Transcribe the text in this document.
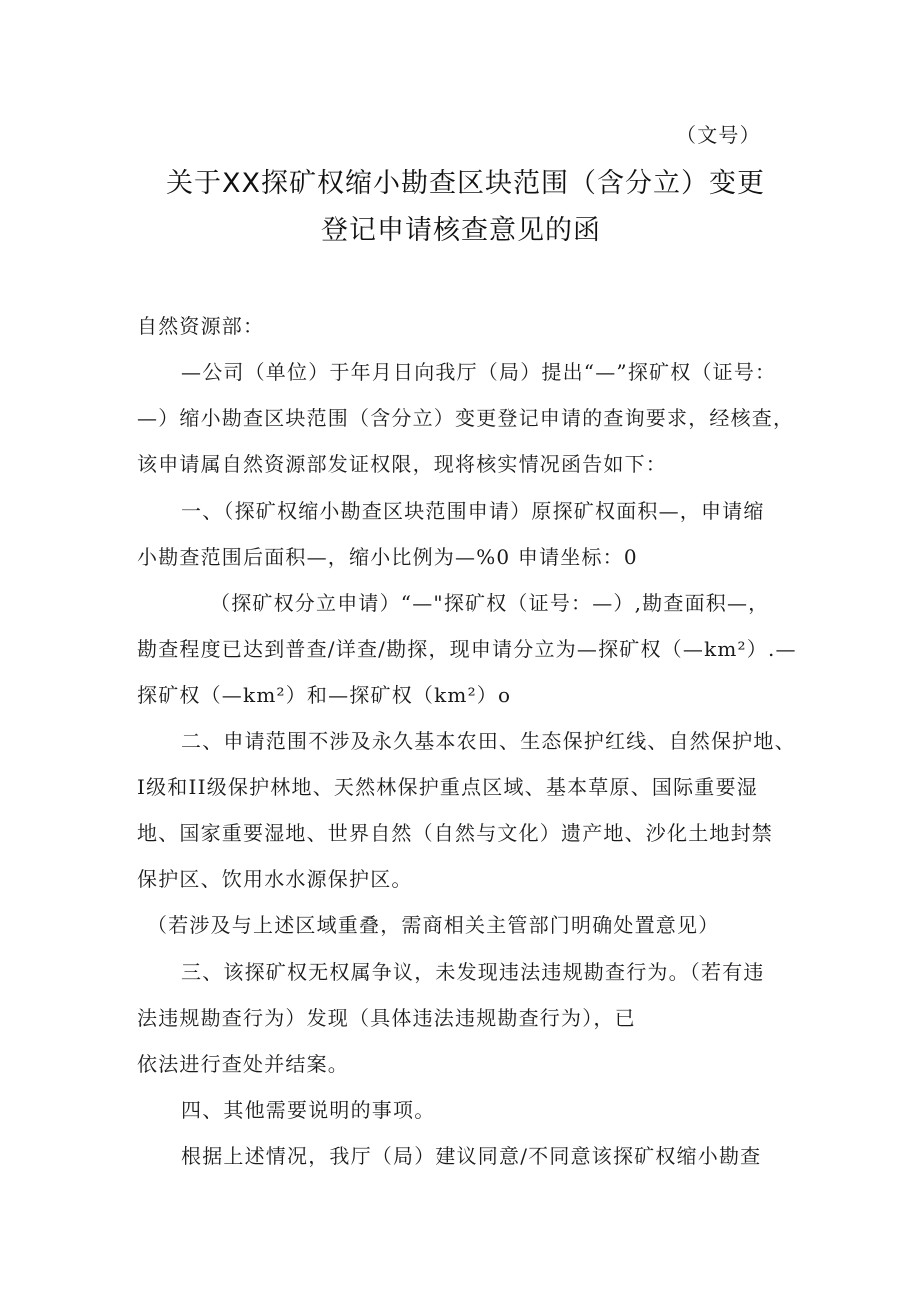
（文号）
关于XX探矿权缩小勘查区块范围（含分立）变更
登记申请核查意见的函
自然资源部：
—公司（单位）于年月日向我厅（局）提出“—”探矿权（证号：
—）缩小勘查区块范围（含分立）变更登记申请的查询要求，经核查，
该申请属自然资源部发证权限，现将核实情况函告如下：
一、（探矿权缩小勘查区块范围申请）原探矿权面积—，申请缩
小勘查范围后面积—，缩小比例为—%0 申请坐标：0
（探矿权分立申请）“—"探矿权（证号：—）,勘查面积—，
勘查程度已达到普查/详查/勘探，现申请分立为—探矿权（—km²）.—
探矿权（—km²）和—探矿权（km²）o
二、申请范围不涉及永久基本农田、生态保护红线、自然保护地、
I级和II级保护林地、天然林保护重点区域、基本草原、国际重要湿
地、国家重要湿地、世界自然（自然与文化）遗产地、沙化土地封禁
保护区、饮用水水源保护区。
（若涉及与上述区域重叠，需商相关主管部门明确处置意见）
三、该探矿权无权属争议，未发现违法违规勘查行为。（若有违
法违规勘查行为）发现（具体违法违规勘查行为），已
依法进行查处并结案。
四、其他需要说明的事项。
根据上述情况，我厅（局）建议同意/不同意该探矿权缩小勘查
